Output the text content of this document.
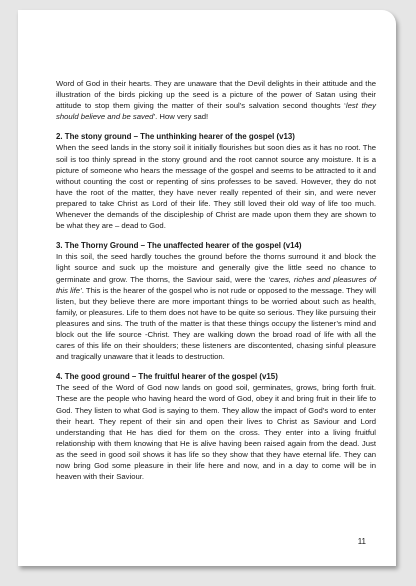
Word of God in their hearts. They are unaware that the Devil delights in their attitude and the illustration of the birds picking up the seed is a picture of the power of Satan using their attitude to stop them giving the matter of their soul’s salvation second thoughts ‘lest they should believe and be saved’. How very sad!

2. The stony ground – The unthinking hearer of the gospel (v13)

When the seed lands in the stony soil it initially flourishes but soon dies as it has no root. The soil is too thinly spread in the stony ground and the root cannot source any moisture. It is a picture of someone who hears the message of the gospel and seems to be attracted to it and without counting the cost or repenting of sins professes to be saved. However, they do not have the root of the matter, they have never really repented of their sin, and were never prepared to take Christ as Lord of their life. They still loved their old way of life too much. Whenever the demands of the discipleship of Christ are made upon them they are shown to be what they are – dead to God.

3. The Thorny Ground – The unaffected hearer of the gospel (v14)

In this soil, the seed hardly touches the ground before the thorns surround it and block the light source and suck up the moisture and generally give the little seed no chance to germinate and grow. The thorns, the Saviour said, were the ‘cares, riches and pleasures of this life’. This is the hearer of the gospel who is not rude or opposed to the message. They will listen, but they believe there are more important things to be worried about such as health, family, or pleasures. Life to them does not have to be quite so serious. They like pursuing their pleasures and sins. The truth of the matter is that these things occupy the listener’s mind and block out the life source -Christ. They are walking down the broad road of life with all the cares of this life on their shoulders; these listeners are discontented, chasing sinful pleasure and tragically unaware that it leads to destruction.

4. The good ground – The fruitful hearer of the gospel (v15)

The seed of the Word of God now lands on good soil, germinates, grows, bring forth fruit. These are the people who having heard the word of God, obey it and bring fruit in their life to God. They listen to what God is saying to them. They allow the impact of God’s word to enter their heart. They repent of their sin and open their lives to Christ as Saviour and Lord understanding that He has died for them on the cross. They enter into a living fruitful relationship with them knowing that He is alive having been raised again from the dead. Just as the seed in good soil shows it has life so they show that they have eternal life. They can now bring God some pleasure in their life here and now, and in a day to come will be in heaven with their Saviour.

11
